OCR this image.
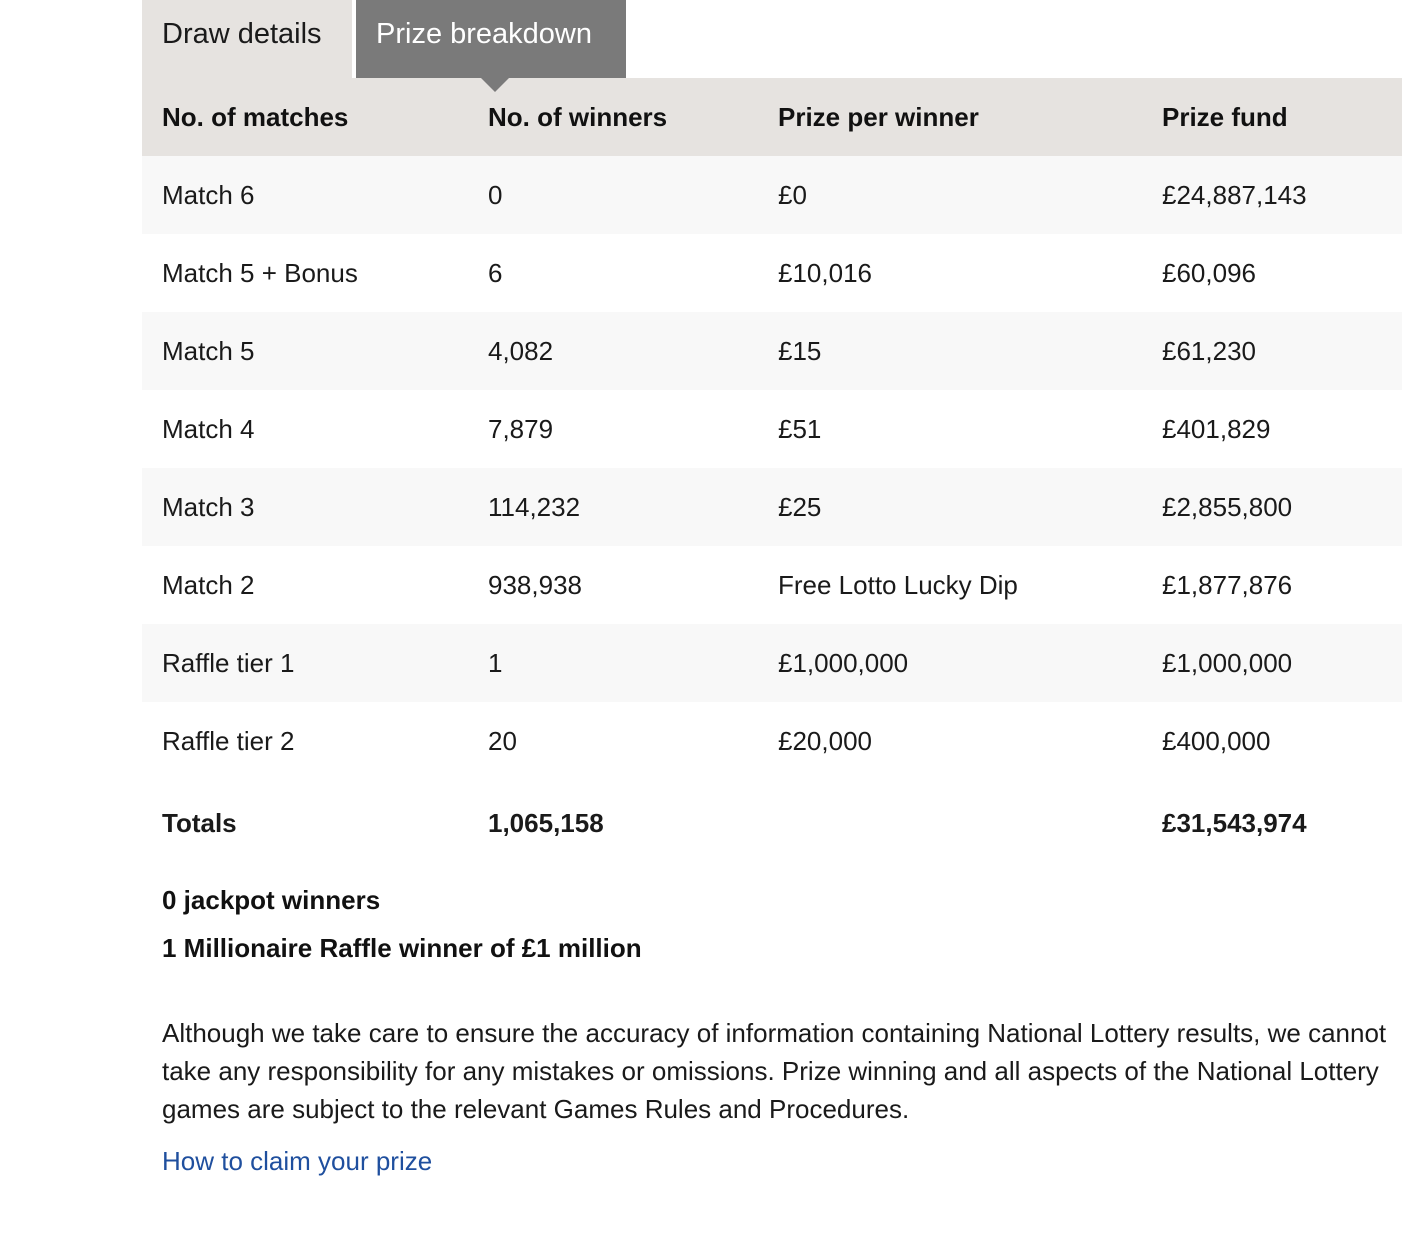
Draw details	Prize breakdown
No. of matches	No. of winners	Prize per winner	Prize fund
Match 6	0	£0	£24,887,143
Match 5 + Bonus	6	£10,016	£60,096
Match 5	4,082	£15	£61,230
Match 4	7,879	£51	£401,829
Match 3	114,232	£25	£2,855,800
Match 2	938,938	Free Lotto Lucky Dip	£1,877,876
Raffle tier 1	1	£1,000,000	£1,000,000
Raffle tier 2	20	£20,000	£400,000
Totals	1,065,158		£31,543,974
0 jackpot winners
1 Millionaire Raffle winner of £1 million
Although we take care to ensure the accuracy of information containing National Lottery results, we cannot take any responsibility for any mistakes or omissions. Prize winning and all aspects of the National Lottery games are subject to the relevant Games Rules and Procedures.
How to claim your prize
